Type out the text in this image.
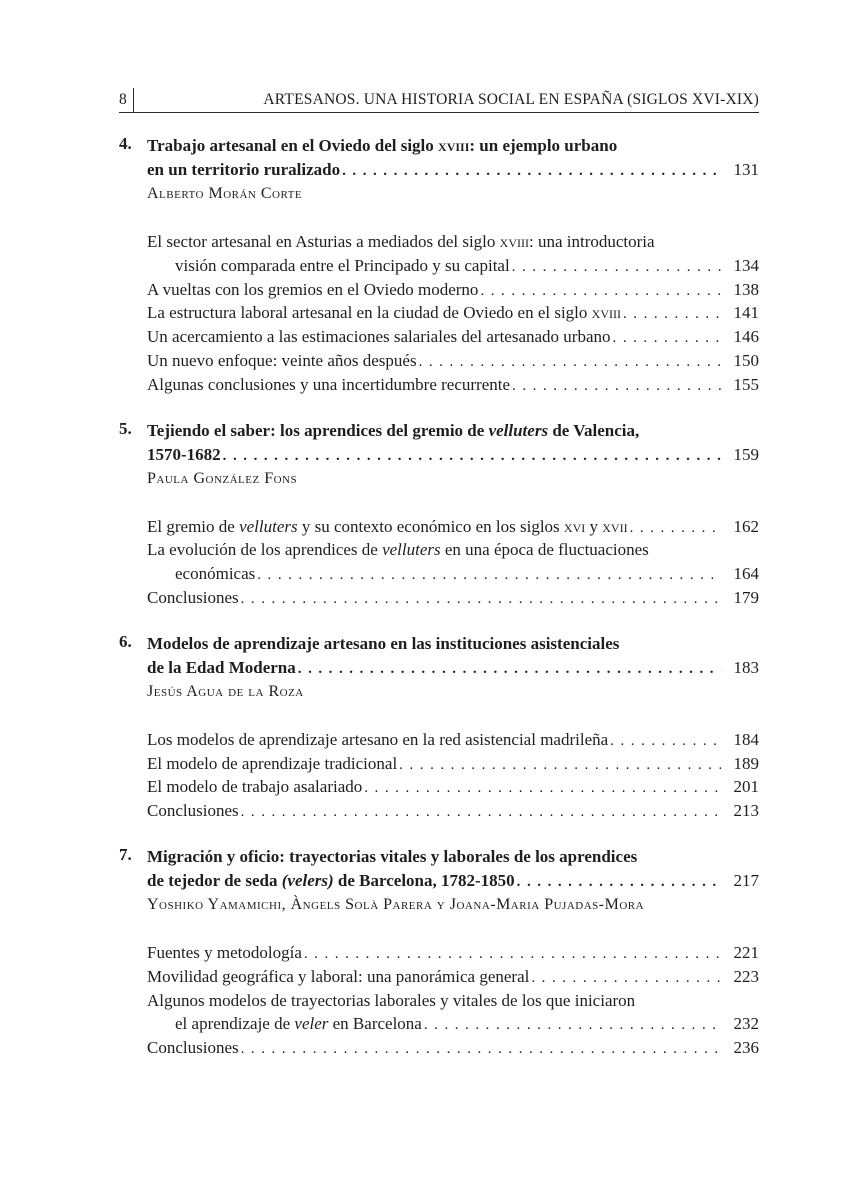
8	ARTESANOS. UNA HISTORIA SOCIAL EN ESPAÑA (SIGLOS XVI-XIX)
4. Trabajo artesanal en el Oviedo del siglo xviii: un ejemplo urbano
en un territorio ruralizado . . .	131
Alberto Morán Corte
El sector artesanal en Asturias a mediados del siglo xviii: una introductoria
visión comparada entre el Principado y su capital . . .	134
A vueltas con los gremios en el Oviedo moderno . . .	138
La estructura laboral artesanal en la ciudad de Oviedo en el siglo xviii . . .	141
Un acercamiento a las estimaciones salariales del artesanado urbano . . .	146
Un nuevo enfoque: veinte años después . . .	150
Algunas conclusiones y una incertidumbre recurrente . . .	155
5. Tejiendo el saber: los aprendices del gremio de velluters de Valencia,
1570-1682 . . .	159
Paula González Fons
El gremio de velluters y su contexto económico en los siglos xvi y xvii . . .	162
La evolución de los aprendices de velluters en una época de fluctuaciones
económicas . . .	164
Conclusiones . . .	179
6. Modelos de aprendizaje artesano en las instituciones asistenciales
de la Edad Moderna . . .	183
Jesús Agua de la Roza
Los modelos de aprendizaje artesano en la red asistencial madrileña . . .	184
El modelo de aprendizaje tradicional . . .	189
El modelo de trabajo asalariado . . .	201
Conclusiones . . .	213
7. Migración y oficio: trayectorias vitales y laborales de los aprendices
de tejedor de seda (velers) de Barcelona, 1782-1850 . . .	217
Yoshiko Yamamichi, Àngels Solà Parera y Joana-Maria Pujadas-Mora
Fuentes y metodología . . .	221
Movilidad geográfica y laboral: una panorámica general . . .	223
Algunos modelos de trayectorias laborales y vitales de los que iniciaron
el aprendizaje de veler en Barcelona . . .	232
Conclusiones . . .	236
